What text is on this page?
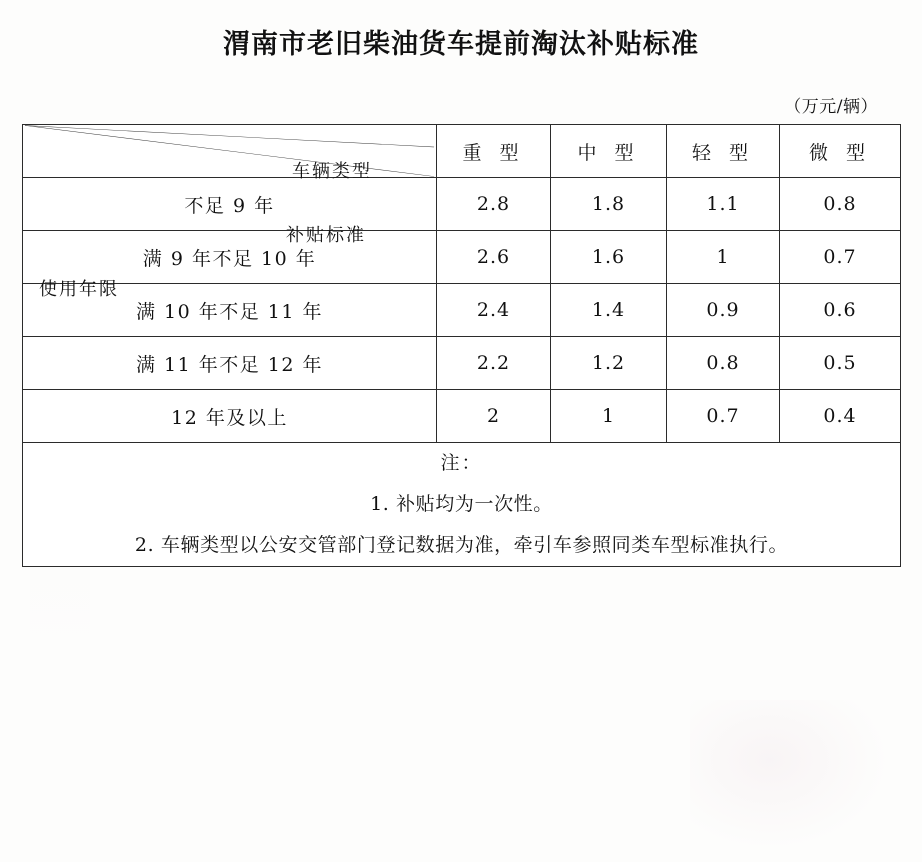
渭南市老旧柴油货车提前淘汰补贴标准
（万元/辆）
车辆类型
补贴标准
使用年限	重 型	中 型	轻 型	微 型
不足 9 年	2.8	1.8	1.1	0.8
满 9 年不足 10 年	2.6	1.6	1	0.7
满 10 年不足 11 年	2.4	1.4	0.9	0.6
满 11 年不足 12 年	2.2	1.2	0.8	0.5
12 年及以上	2	1	0.7	0.4

注：
1. 补贴均为一次性。
2. 车辆类型以公安交管部门登记数据为准，牵引车参照同类车型标准执行。				
